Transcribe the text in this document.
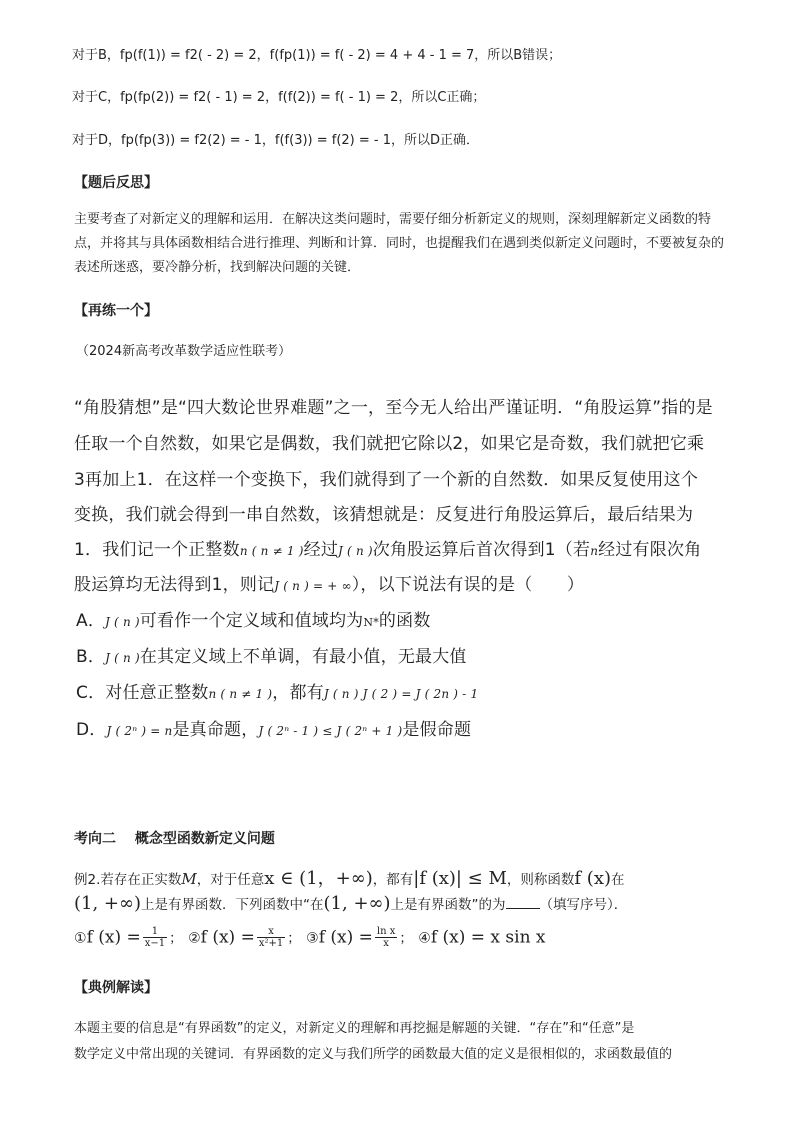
对于B，fp(f(1)) = f2( - 2) = 2，f(fp(1)) = f( - 2) = 4 + 4 - 1 = 7，所以B错误；
对于C，fp(fp(2)) = f2( - 1) = 2，f(f(2)) = f( - 1) = 2，所以C正确；
对于D，fp(fp(3)) = f2(2) = - 1，f(f(3)) = f(2) = - 1，所以D正确．
【题后反思】
主要考查了对新定义的理解和运用．在解决这类问题时，需要仔细分析新定义的规则，深刻理解新定义函数的特点，并将其与具体函数相结合进行推理、判断和计算．同时，也提醒我们在遇到类似新定义问题时，不要被复杂的表述所迷惑，要冷静分析，找到解决问题的关键．
【再练一个】
（2024新高考改革数学适应性联考）
“角股猜想”是“四大数论世界难题”之一，至今无人给出严谨证明．“角股运算”指的是
任取一个自然数，如果它是偶数，我们就把它除以2，如果它是奇数，我们就把它乘
3再加上1．在这样一个变换下，我们就得到了一个新的自然数．如果反复使用这个
变换，我们就会得到一串自然数，该猜想就是：反复进行角股运算后，最后结果为
1．我们记一个正整数n ( n ≠ 1 )经过J ( n )次角股运算后首次得到1（若n经过有限次角
股运算均无法得到1，则记J ( n ) = + ∞），以下说法有误的是（　　）
A．J ( n )可看作一个定义域和值域均为N*的函数
B．J ( n )在其定义域上不单调，有最小值，无最大值
C．对任意正整数n ( n ≠ 1 )，都有J ( n ) J ( 2 ) = J ( 2n ) - 1
D．J ( 2ⁿ ) = n是真命题，J ( 2ⁿ - 1 ) ≤ J ( 2ⁿ + 1 )是假命题
考向二　 概念型函数新定义问题
例2.若存在正实数M，对于任意x ∈ (1，+∞)，都有|f (x)| ≤ M，则称函数f (x)在
(1, +∞)上是有界函数．下列函数中“在(1, +∞)上是有界函数”的为	（填写序号）．
①f $(x) = \frac{1}{x-1}$ ； ②f $(x) = \frac{x}{\text{x²+1}}$ ； ③f $(x) = \frac{\text{ln x}}{x}$ ； ④f (x) = x sin x
【典例解读】
本题主要的信息是“有界函数”的定义，对新定义的理解和再挖掘是解题的关键．“存在”和“任意”是
数学定义中常出现的关键词．有界函数的定义与我们所学的函数最大值的定义是很相似的，求函数最值的
